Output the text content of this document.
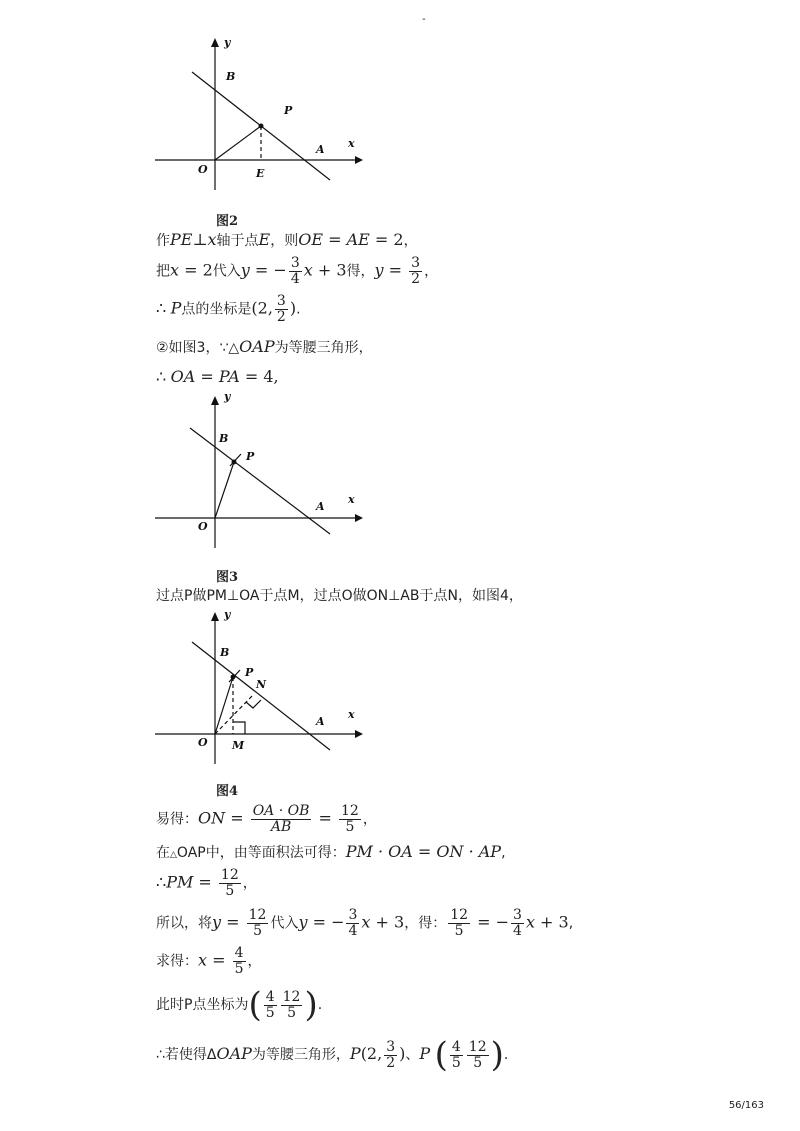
-
y
B
P
x
A
O	E
图2
作PE⊥x轴于点E，则OE = AE = 2，
把x = 2代入y = − $\frac{3}{4}$ x + 3得，$y = \frac{3}{2}$ ，
∴ P点的坐标是(2, $\frac{3}{2}$ ).
②如图3，∵△OAP为等腰三角形，
∴ OA = PA = 4,
y
B
P
x
A
O
图3
过点P做PM⊥OA于点M，过点O做ON⊥AB于点N，如图4，
y
B
P
N
x
A
O M
图4
易得：ON = $\frac{OA \cdot OB}{AB} = \frac{12}{5}$ ，
在△OAP中，由等面积法可得：PM · OA = ON · AP,
∴PM = $\frac{12}{5}$ ，
所以，将$y = \frac{12}{5}$ 代入y = − $\frac{3}{4}$ x + 3，得： $\frac{12}{5}$ = − $\frac{3}{4}$ x + 3,
求得：$x = \frac{4}{5}$ ，
此时P点坐标为( $\frac{4}{5} \frac{12}{5}$ ).
∴若使得ΔOAP为等腰三角形，P(2, $\frac{3}{2}$ )、P ( $\frac{4}{5} \frac{12}{5}$ ).
56/163
